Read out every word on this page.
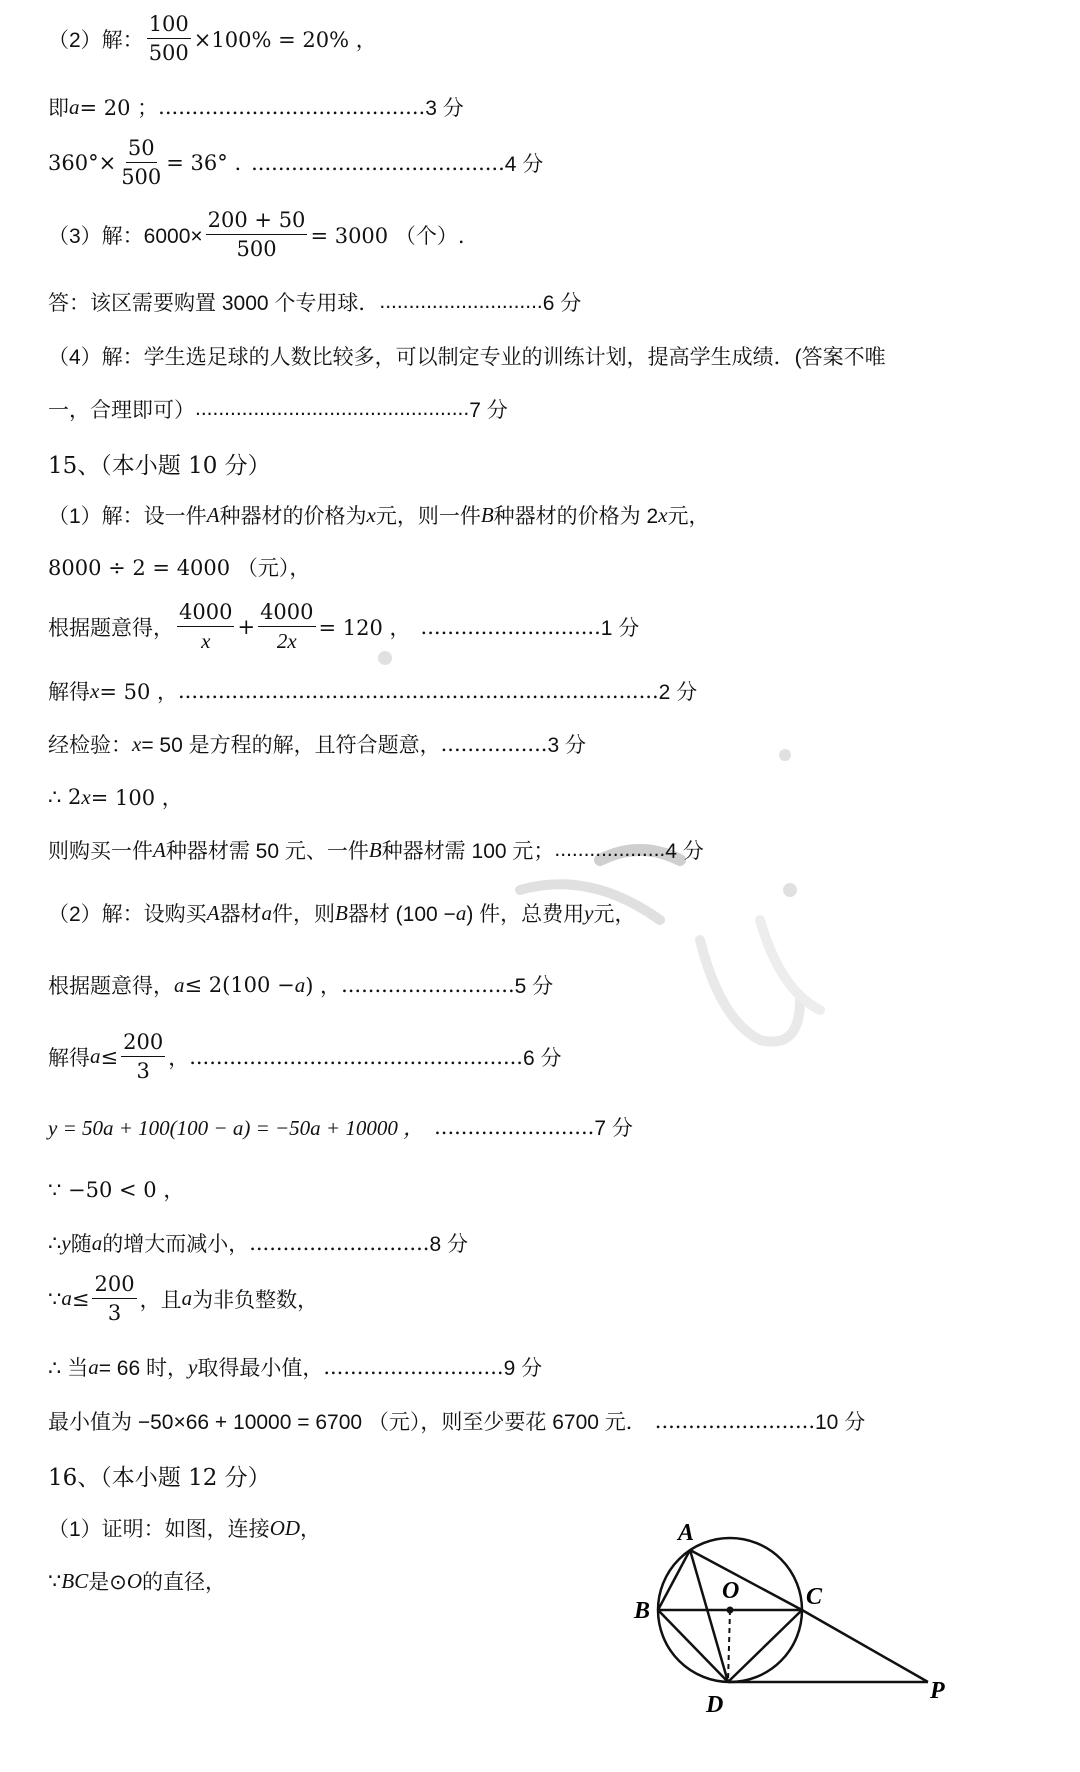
（2）解： $\frac{100}{500} \times 100\% = 20\%$ ，
即 a = 20 ； ........................................ 3 分
$360^\circ\times \frac{50}{500} = 36^\circ$ . ...................................... 4 分
（3）解：$6000\times \frac{200 + 50}{500} = 3000$ （个）.
答：该区需要购置 3000 个专用球． ............................ 6 分
（4）解：学生选足球的人数比较多，可以制定专业的训练计划，提高学生成绩．(答案不唯
一，合理即可） ............................................... 7 分
15、（本小题 10 分）
（1）解：设一件 A 种器材的价格为 x 元，则一件 B 种器材的价格为 2 x 元，
8000 ÷ 2 = 4000 （元），
根据题意得， $\frac{4000}{x} + \frac{4000}{2x} = 120$ ， ........................... 1 分
解得 x = 50 ， ........................................................................ 2 分
经检验： x = 50 是方程的解，且符合题意， ................ 3 分
∴ 2 x = 100 ，
则购买一件 A 种器材需 50 元、一件 B 种器材需 100 元； ................... 4 分
（2）解：设购买 A 器材 a 件，则 B 器材 (100 − a ) 件，总费用 y 元，
根据题意得， a ≤ 2(100 − a ) ， .......................... 5 分
解得 $a \le \frac{200}{3}$ ， .................................................. 6 分
y = 50a + 100(100 − a) = −50a + 10000 ， ........................ 7 分
∵ −50 < 0 ，
∴ y 随 a 的增大而减小， ........................... 8 分
∵ $a \le \frac{200}{3}$ ，且 a 为非负整数，
∴ 当 a = 66 时， y 取得最小值， ........................... 9 分
最小值为 −50×66 + 10000 = 6700 （元），则至少要花 6700 元． ........................ 10 分
16、（本小题 12 分）
（1）证明：如图，连接 OD ，
∵ BC 是⊙ O 的直径，
A
B
C
O
D
P
